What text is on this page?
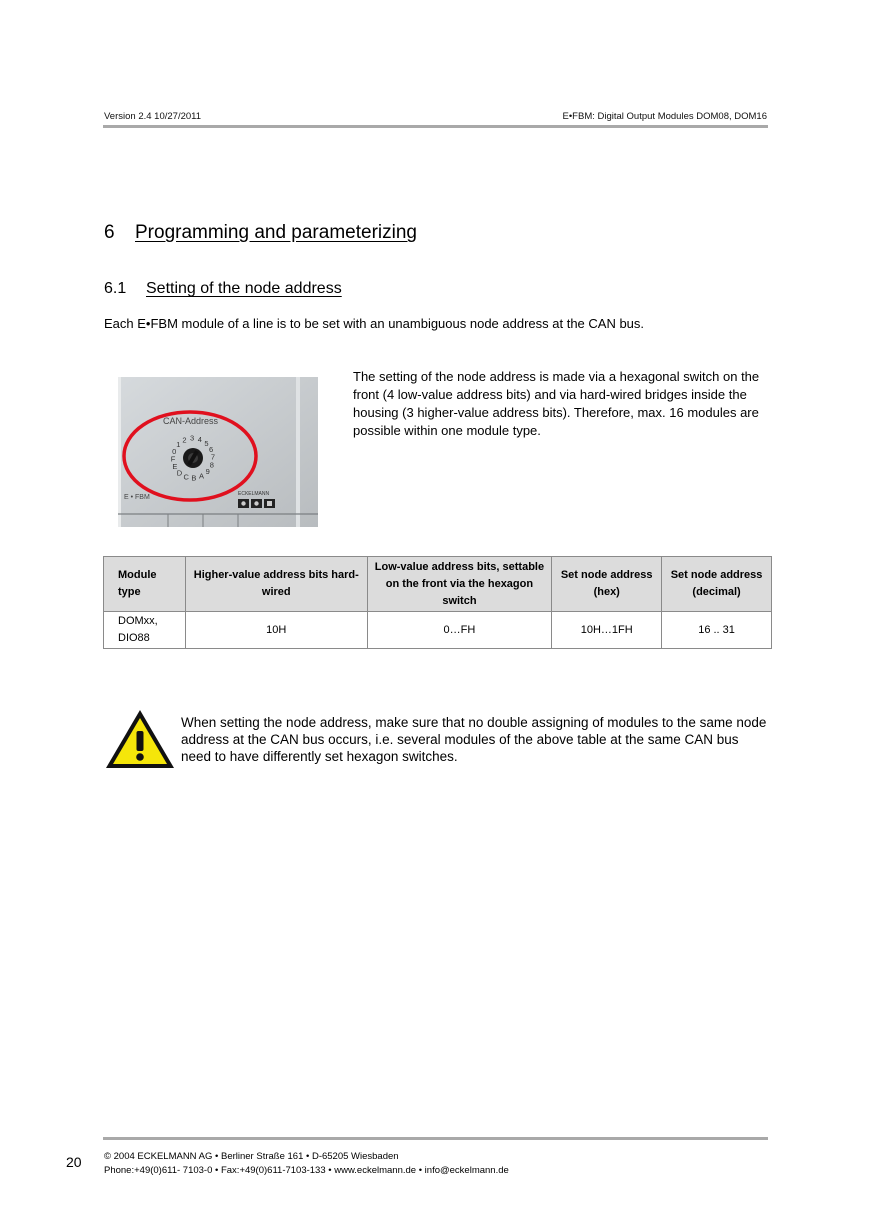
Version 2.4 10/27/2011	E•FBM: Digital Output Modules DOM08, DOM16
6 Programming and parameterizing
6.1 Setting of the node address
Each E•FBM module of a line is to be set with an unambiguous node address at the CAN bus.
CAN-Address
0
1
2 3 4 5
6
7
8
9
A
B
C
D
E
F
E • FBM	ECKELMANN
The setting of the node address is made via a hexagonal switch on the front (4 low-value address bits) and via hard-wired bridges inside the housing (3 higher-value address bits). Therefore, max. 16 modules are possible within one module type.
Module type	Higher-value address bits hard-wired	Low-value address bits, settable on the front via the hexagon switch	Set node address (hex)	Set node address (decimal)
DOMxx, DIO88	10H	0…FH	10H…1FH	16 .. 31
When setting the node address, make sure that no double assigning of modules to the same node address at the CAN bus occurs, i.e. several modules of the above table at the same CAN bus need to have differently set hexagon switches.
20 © 2004 ECKELMANN AG • Berliner Straße 161 • D-65205 Wiesbaden
Phone:+49(0)611- 7103-0 • Fax:+49(0)611-7103-133 • www.eckelmann.de • info@eckelmann.de
